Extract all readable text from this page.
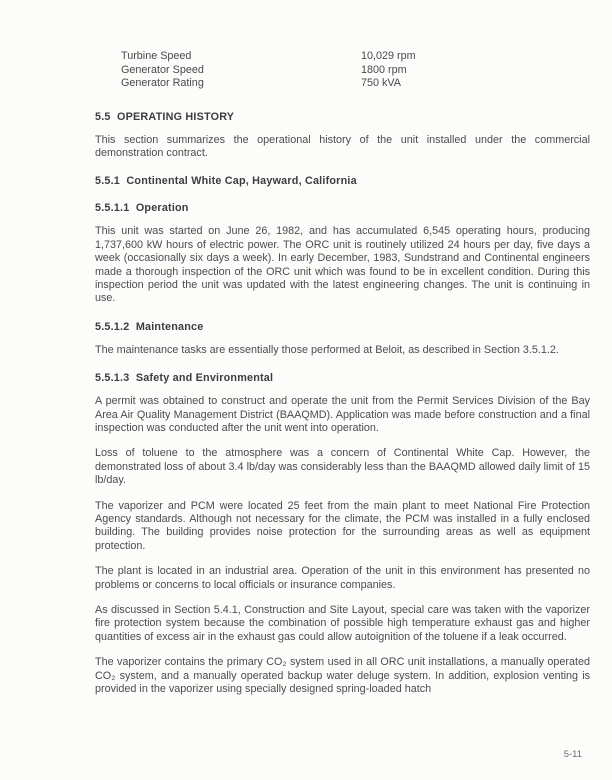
Turbine Speed	10,029 rpm
Generator Speed	1800 rpm
Generator Rating	750 kVA
5.5  OPERATING HISTORY

This section summarizes the operational history of the unit installed under the commercial demonstration contract.

5.5.1  Continental White Cap, Hayward, California
5.5.1.1  Operation

This unit was started on June 26, 1982, and has accumulated 6,545 operating hours, producing 1,737,600 kW hours of electric power. The ORC unit is routinely utilized 24 hours per day, five days a week (occasionally six days a week). In early December, 1983, Sundstrand and Continental engineers made a thorough inspection of the ORC unit which was found to be in excellent condition. During this inspection period the unit was updated with the latest engineering changes. The unit is continuing in use.

5.5.1.2  Maintenance

The maintenance tasks are essentially those performed at Beloit, as described in Section 3.5.1.2.

5.5.1.3  Safety and Environmental

A permit was obtained to construct and operate the unit from the Permit Services Division of the Bay Area Air Quality Management District (BAAQMD). Application was made before construction and a final inspection was conducted after the unit went into operation.

Loss of toluene to the atmosphere was a concern of Continental White Cap. However, the demonstrated loss of about 3.4 lb/day was considerably less than the BAAQMD allowed daily limit of 15 lb/day.

The vaporizer and PCM were located 25 feet from the main plant to meet National Fire Protection Agency standards. Although not necessary for the climate, the PCM was installed in a fully enclosed building. The building provides noise protection for the surrounding areas as well as equipment protection.

The plant is located in an industrial area. Operation of the unit in this environment has presented no problems or concerns to local officials or insurance companies.

As discussed in Section 5.4.1, Construction and Site Layout, special care was taken with the vaporizer fire protection system because the combination of possible high temperature exhaust gas and higher quantities of excess air in the exhaust gas could allow autoignition of the toluene if a leak occurred.

The vaporizer contains the primary CO₂ system used in all ORC unit installations, a manually operated CO₂ system, and a manually operated backup water deluge system. In addition, explosion venting is provided in the vaporizer using specially designed spring-loaded hatch

5-11
